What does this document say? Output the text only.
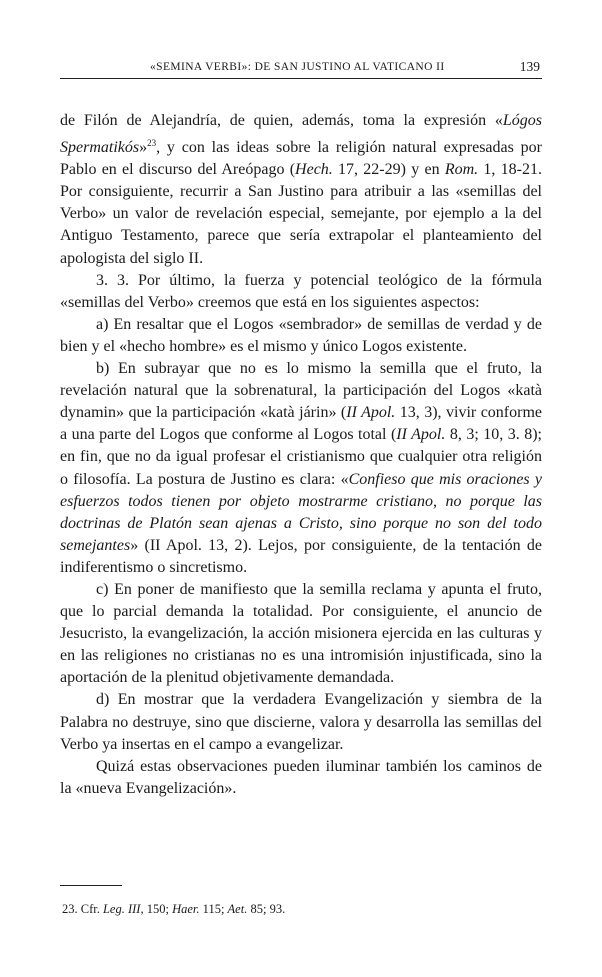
«SEMINA VERBI»: DE SAN JUSTINO AL VATICANO II	139

de Filón de Alejandría, de quien, además, toma la expresión «Lógos Spermatikós»$^{23}$, y con las ideas sobre la religión natural expresadas por Pablo en el discurso del Areópago (Hech. 17, 22-29) y en Rom. 1, 18-21. Por consiguiente, recurrir a San Justino para atribuir a las «semillas del Verbo» un valor de revelación especial, semejante, por ejemplo a la del Antiguo Testamento, parece que sería extrapolar el planteamiento del apologista del siglo II.

3. 3. Por último, la fuerza y potencial teológico de la fórmula «semillas del Verbo» creemos que está en los siguientes aspectos:

a) En resaltar que el Logos «sembrador» de semillas de verdad y de bien y el «hecho hombre» es el mismo y único Logos existente.

b) En subrayar que no es lo mismo la semilla que el fruto, la revelación natural que la sobrenatural, la participación del Logos «katà dynamin» que la participación «katà járin» (II Apol. 13, 3), vivir conforme a una parte del Logos que conforme al Logos total (II Apol. 8, 3; 10, 3. 8); en fin, que no da igual profesar el cristianismo que cualquier otra religión o filosofía. La postura de Justino es clara: «Confieso que mis oraciones y esfuerzos todos tienen por objeto mostrarme cristiano, no porque las doctrinas de Platón sean ajenas a Cristo, sino porque no son del todo semejantes» (II Apol. 13, 2). Lejos, por consiguiente, de la tentación de indiferentismo o sincretismo.

c) En poner de manifiesto que la semilla reclama y apunta el fruto, que lo parcial demanda la totalidad. Por consiguiente, el anuncio de Jesucristo, la evangelización, la acción misionera ejercida en las culturas y en las religiones no cristianas no es una intromisión injustificada, sino la aportación de la plenitud objetivamente demandada.

d) En mostrar que la verdadera Evangelización y siembra de la Palabra no destruye, sino que discierne, valora y desarrolla las semillas del Verbo ya insertas en el campo a evangelizar.

Quizá estas observaciones pueden iluminar también los caminos de la «nueva Evangelización».

23. Cfr. Leg. III, 150; Haer. 115; Aet. 85; 93.
